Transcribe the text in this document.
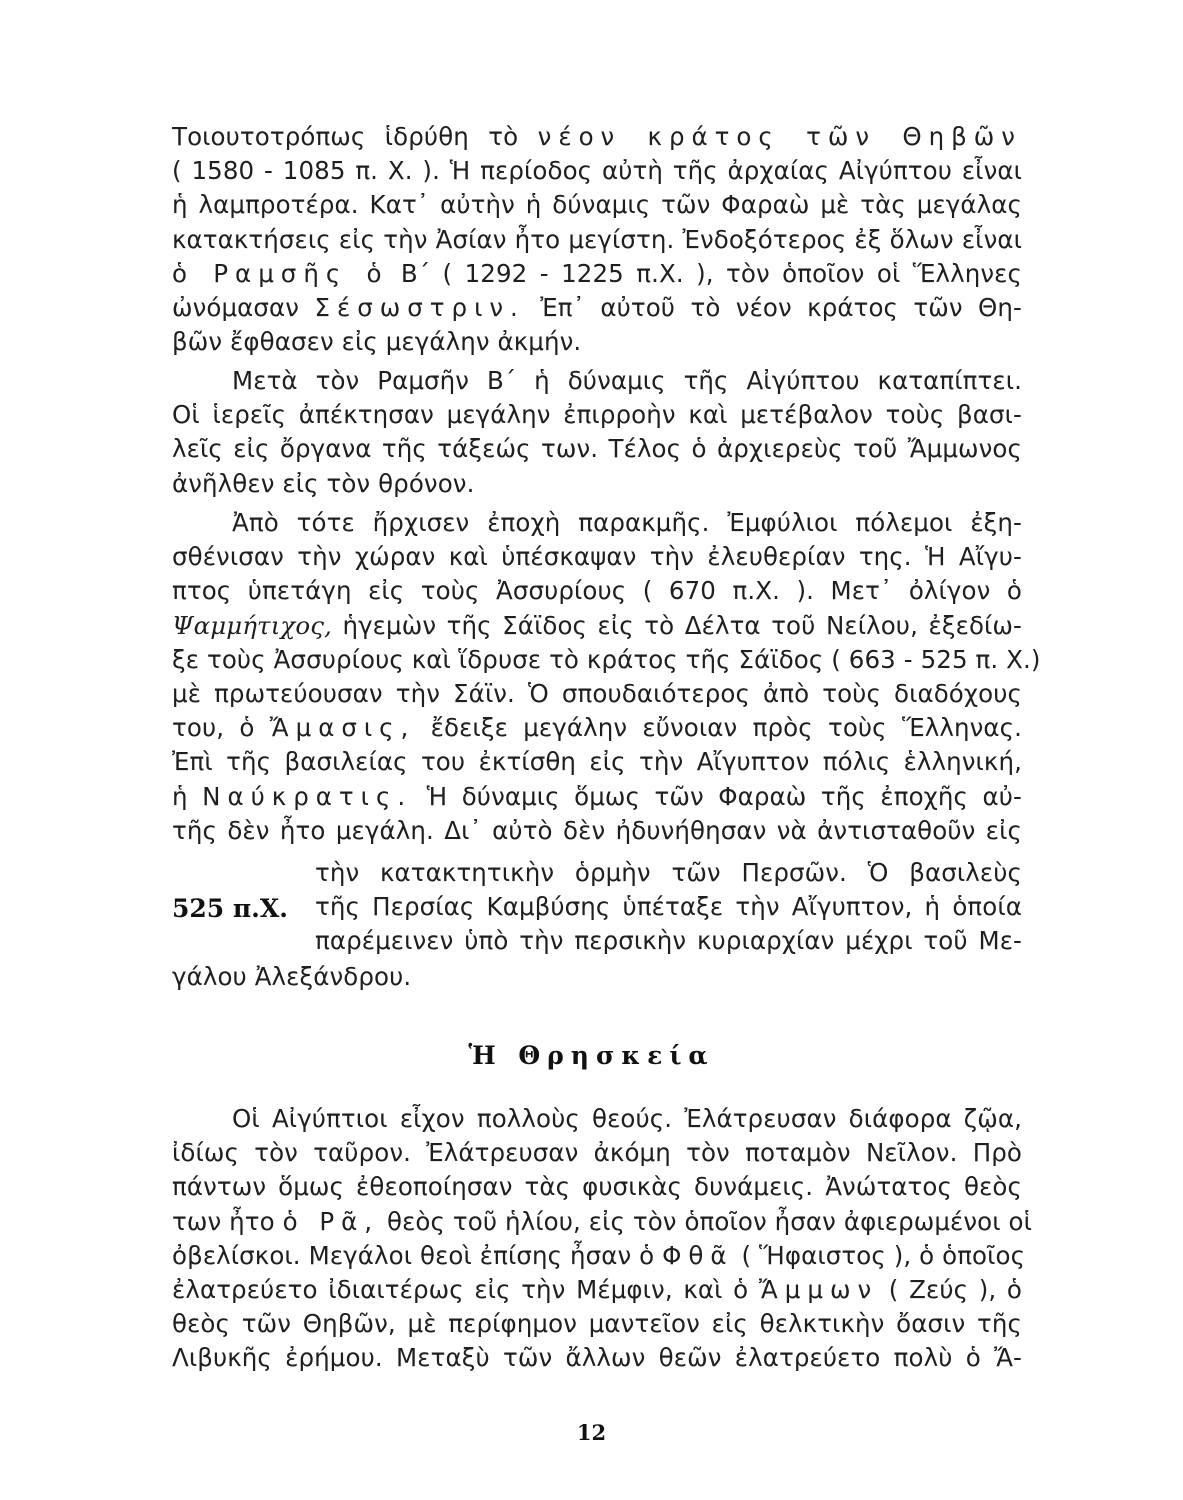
Τοιουτοτρόπως ἱδρύθη τὸ νέον κράτος τῶν Θηβῶν
( 1580 - 1085 π. Χ. ). Ἡ περίοδος αὐτὴ τῆς ἀρχαίας Αἰγύπτου εἶναι
ἡ λαμπροτέρα. Κατ᾽ αὐτὴν ἡ δύναμις τῶν Φαραὼ μὲ τὰς μεγάλας
κατακτήσεις εἰς τὴν Ἀσίαν ἦτο μεγίστη. Ἐνδοξότερος ἐξ ὅλων εἶναι
ὁ Ραμσῆς ὁ Β΄ ( 1292 - 1225 π.Χ. ), τὸν ὁποῖον οἱ Ἕλληνες
ὠνόμασαν Σέσωστριν. Ἐπ᾽ αὐτοῦ τὸ νέον κράτος τῶν Θη-
βῶν ἔφθασεν εἰς μεγάλην ἀκμήν.
Μετὰ τὸν Ραμσῆν Β΄ ἡ δύναμις τῆς Αἰγύπτου καταπίπτει.
Οἱ ἱερεῖς ἀπέκτησαν μεγάλην ἐπιρροὴν καὶ μετέβαλον τοὺς βασι-
λεῖς εἰς ὄργανα τῆς τάξεώς των. Τέλος ὁ ἀρχιερεὺς τοῦ Ἄμμωνος
ἀνῆλθεν εἰς τὸν θρόνον.
Ἀπὸ τότε ἤρχισεν ἐποχὴ παρακμῆς. Ἐμφύλιοι πόλεμοι ἐξη-
σθένισαν τὴν χώραν καὶ ὑπέσκαψαν τὴν ἐλευθερίαν της. Ἡ Αἴγυ-
πτος ὑπετάγη εἰς τοὺς Ἀσσυρίους ( 670 π.Χ. ). Μετ᾽ ὀλίγον ὁ
Ψαμμήτιχος, ἡγεμὼν τῆς Σάϊδος εἰς τὸ Δέλτα τοῦ Νείλου, ἐξεδίω-
ξε τοὺς Ἀσσυρίους καὶ ἵδρυσε τὸ κράτος τῆς Σάϊδος ( 663 - 525 π. Χ.)
μὲ πρωτεύουσαν τὴν Σάϊν. Ὁ σπουδαιότερος ἀπὸ τοὺς διαδόχους
του, ὁ Ἄμασις, ἔδειξε μεγάλην εὔνοιαν πρὸς τοὺς Ἕλληνας.
Ἐπὶ τῆς βασιλείας του ἐκτίσθη εἰς τὴν Αἴγυπτον πόλις ἑλληνική,
ἡ Ναύκρατις. Ἡ δύναμις ὅμως τῶν Φαραὼ τῆς ἐποχῆς αὐ-
τῆς δὲν ἦτο μεγάλη. Δι᾽ αὐτὸ δὲν ἠδυνήθησαν νὰ ἀντισταθοῦν εἰς
τὴν κατακτητικὴν ὁρμὴν τῶν Περσῶν. Ὁ βασιλεὺς
τῆς Περσίας Καμβύσης ὑπέταξε τὴν Αἴγυπτον, ἡ ὁποία
παρέμεινεν ὑπὸ τὴν περσικὴν κυριαρχίαν μέχρι τοῦ Με-
γάλου Ἀλεξάνδρου.
Οἱ Αἰγύπτιοι εἶχον πολλοὺς θεούς. Ἐλάτρευσαν διάφορα ζῷα,
ἰδίως τὸν ταῦρον. Ἐλάτρευσαν ἀκόμη τὸν ποταμὸν Νεῖλον. Πρὸ
πάντων ὅμως ἐθεοποίησαν τὰς φυσικὰς δυνάμεις. Ἀνώτατος θεὸς
των ἦτο ὁ Ρᾶ, θεὸς τοῦ ἡλίου, εἰς τὸν ὁποῖον ἦσαν ἀφιερωμένοι οἱ
ὀβελίσκοι. Μεγάλοι θεοὶ ἐπίσης ἦσαν ὁ Φθᾶ ( Ἥφαιστος ), ὁ ὁποῖος
ἐλατρεύετο ἰδιαιτέρως εἰς τὴν Μέμφιν, καὶ ὁ Ἄμμων ( Ζεύς ), ὁ
θεὸς τῶν Θηβῶν, μὲ περίφημον μαντεῖον εἰς θελκτικὴν ὄασιν τῆς
Λιβυκῆς ἐρήμου. Μεταξὺ τῶν ἄλλων θεῶν ἐλατρεύετο πολὺ ὁ Ἄ-
525 π.Χ.
Ἡ Θρησκεία
12
